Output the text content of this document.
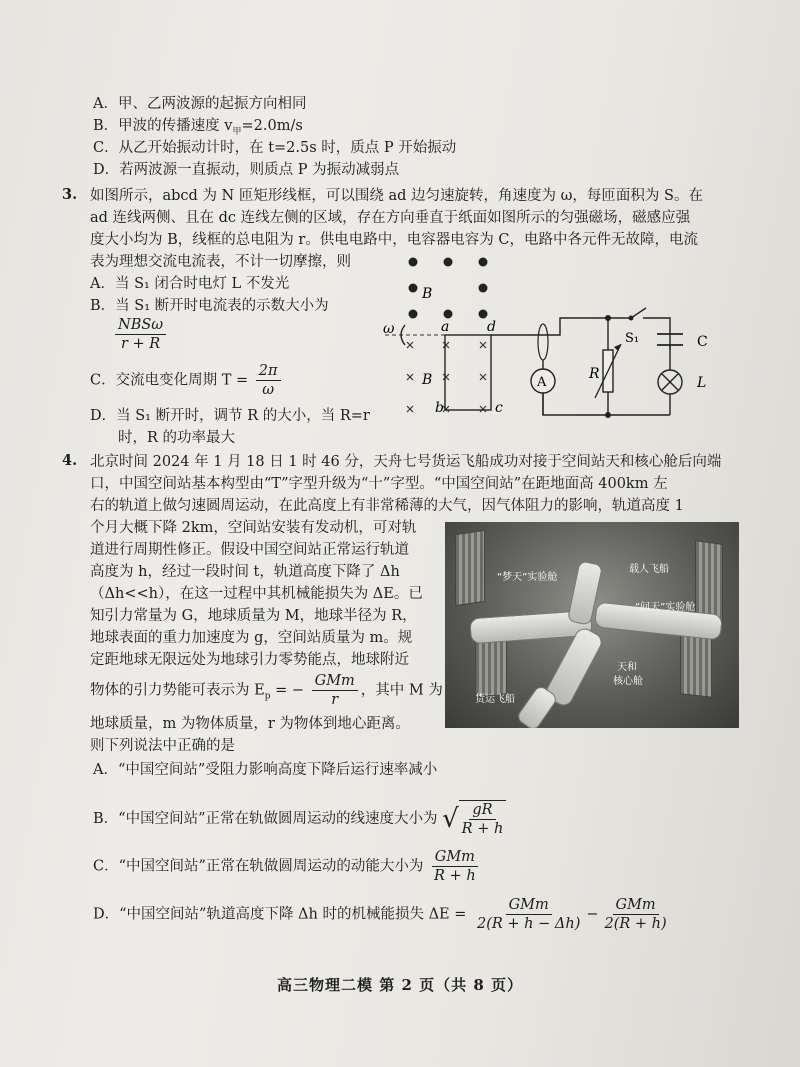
A．甲、乙两波源的起振方向相同
B．甲波的传播速度 $v_甲=2.0m/s$
C．从乙开始振动计时，在 t=2.5s 时，质点 P 开始振动
D．若两波源一直振动，则质点 P 为振动减弱点
3. 如图所示，abcd 为 N 匝矩形线框，可以围绕 ad 边匀速旋转，角速度为 ω，每匝面积为 S。在
ad 连线两侧、且在 dc 连线左侧的区域，存在方向垂直于纸面如图所示的匀强磁场，磁感应强
度大小均为 B，线框的总电阻为 r。供电电路中，电容器电容为 C，电路中各元件无故障，电流
表为理想交流电流表，不计一切摩擦，则
A．当 S₁ 闭合时电灯 L 不发光
B．当 S₁ 断开时电流表的示数大小为
$\frac{\text{NBSω}}{r + R}$
C．交流电变化周期 $T = \frac{2\pi}{\omega}$
D．当 S₁ 断开时，调节 R 的大小，当 R=r
时，R 的功率最大
B
B
ω	a	d
b	c
S₁	C
L
A
R
4. 北京时间 2024 年 1 月 18 日 1 时 46 分，天舟七号货运飞船成功对接于空间站天和核心舱后向端
口，中国空间站基本构型由“T”字型升级为“十”字型。“中国空间站”在距地面高 400km 左
右的轨道上做匀速圆周运动，在此高度上有非常稀薄的大气，因气体阻力的影响，轨道高度 1
个月大概下降 2km，空间站安装有发动机，可对轨
道进行周期性修正。假设中国空间站正常运行轨道
高度为 h，经过一段时间 t，轨道高度下降了 Δh
（Δh<<h），在这一过程中其机械能损失为 ΔE。已
知引力常量为 G，地球质量为 M，地球半径为 R，
地球表面的重力加速度为 g，空间站质量为 m。规
定距地球无限远处为地球引力零势能点，地球附近
物体的引力势能可表示为 $E_p$ = − $\frac{\text{GMm}}{r}$ ，其中 M 为
地球质量，m 为物体质量，r 为物体到地心距离。
则下列说法中正确的是
A．“中国空间站”受阻力影响高度下降后运行速率减小
B．“中国空间站”正常在轨做圆周运动的线速度大小为 √ $\frac{gR}{R + h}$
C．“中国空间站”正常在轨做圆周运动的动能大小为 $\frac{\text{GMm}}{R + h}$
D．“中国空间站”轨道高度下降 Δh 时的机械能损失 $\Delta E = \frac{\text{GMm}}{2(R + h - \Delta h)} - \frac{\text{GMm}}{2(R + h)}$
“梦天”实验舱
载人飞船
“问天”实验舱
天和
核心舱
货运飞船
高三物理二模 第 2 页（共 8 页）
